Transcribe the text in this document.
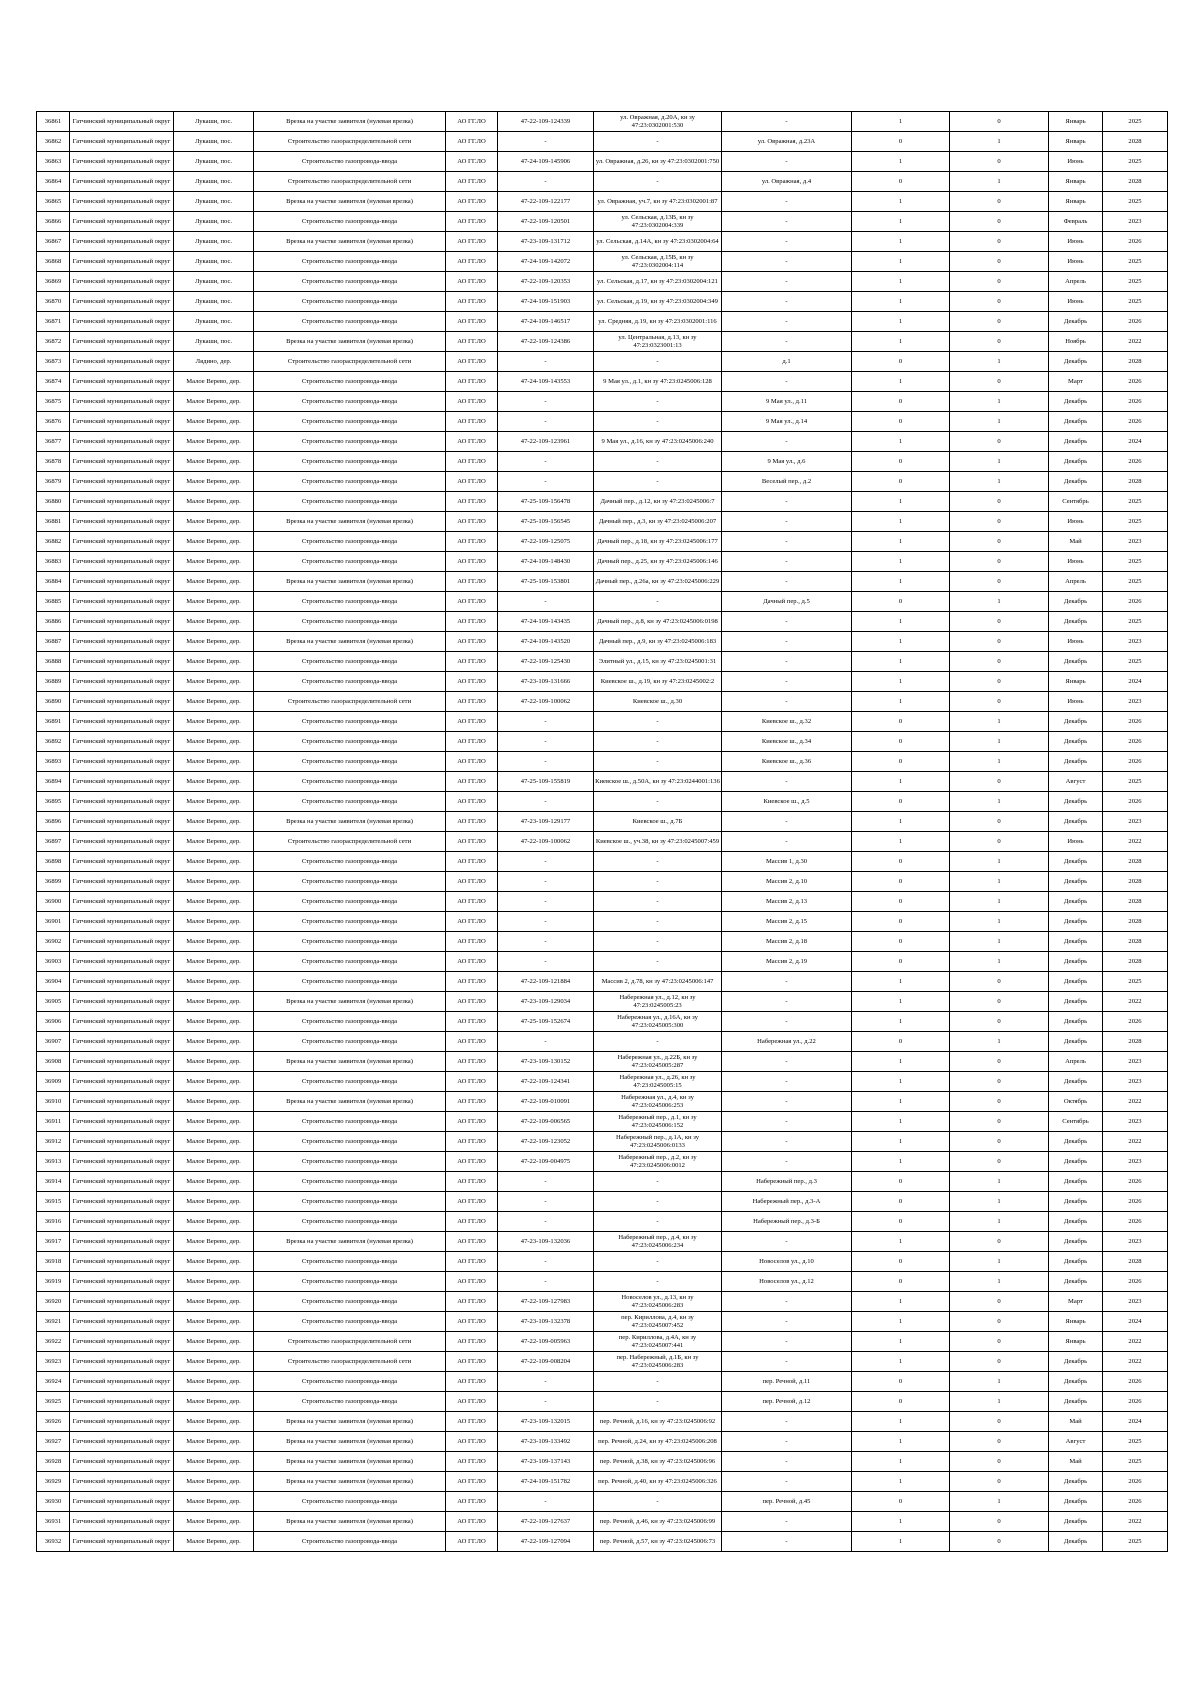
36861	Гатчинский муниципальный округ	Лукаши, пос.	Врезка на участке заявителя (нулевая врезка)	АО ГГ.ЛО	47-22-109-124339	ул. Овражная, д.20А, кн зу 47:23:0302001:530	-	1	0	Январь	2025
36862	Гатчинский муниципальный округ	Лукаши, пос.	Строительство газораспределительной сети	АО ГГ.ЛО	-	-	ул. Овражная, д.23А	0	1	Январь	2028
36863	Гатчинский муниципальный округ	Лукаши, пос.	Строительство газопровода-ввода	АО ГГ.ЛО	47-24-109-145906	ул. Овражная, д.26, кн зу 47:23:0302001:750	-	1	0	Июнь	2025
36864	Гатчинский муниципальный округ	Лукаши, пос.	Строительство газораспределительной сети	АО ГГ.ЛО	-	-	ул. Овражная, д.4	0	1	Январь	2028
36865	Гатчинский муниципальный округ	Лукаши, пос.	Врезка на участке заявителя (нулевая врезка)	АО ГГ.ЛО	47-22-109-122177	ул. Овражная, уч.7, кн зу 47:23:0302001:87	-	1	0	Январь	2025
36866	Гатчинский муниципальный округ	Лукаши, пос.	Строительство газопровода-ввода	АО ГГ.ЛО	47-22-109-120501	ул. Сельская, д.13В, кн зу 47:23:0302004:339	-	1	0	Февраль	2023
36867	Гатчинский муниципальный округ	Лукаши, пос.	Врезка на участке заявителя (нулевая врезка)	АО ГГ.ЛО	47-23-109-131712	ул. Сельская, д.14А, кн зу 47:23:0302004:64	-	1	0	Июнь	2026
36868	Гатчинский муниципальный округ	Лукаши, пос.	Строительство газопровода-ввода	АО ГГ.ЛО	47-24-109-142072	ул. Сельская, д.15В, кн зу 47:23:0302004:114	-	1	0	Июнь	2025
36869	Гатчинский муниципальный округ	Лукаши, пос.	Строительство газопровода-ввода	АО ГГ.ЛО	47-22-109-120353	ул. Сельская, д.17, кн зу 47:23:0302004:121	-	1	0	Апрель	2025
36870	Гатчинский муниципальный округ	Лукаши, пос.	Строительство газопровода-ввода	АО ГГ.ЛО	47-24-109-151903	ул. Сельская, д.19, кн зу 47:23:0302004:349	-	1	0	Июнь	2025
36871	Гатчинский муниципальный округ	Лукаши, пос.	Строительство газопровода-ввода	АО ГГ.ЛО	47-24-109-146517	ул. Средняя, д.19, кн зу 47:23:0302001:116	-	1	0	Декабрь	2026
36872	Гатчинский муниципальный округ	Лукаши, пос.	Врезка на участке заявителя (нулевая врезка)	АО ГГ.ЛО	47-22-109-124386	ул. Центральная, д.13, кн зу 47:23:0323001:13	-	1	0	Ноябрь	2022
36873	Гатчинский муниципальный округ	Лядино, дер.	Строительство газораспределительной сети	АО ГГ.ЛО	-	-	д.1	0	1	Декабрь	2028
36874	Гатчинский муниципальный округ	Малое Верево, дер.	Строительство газопровода-ввода	АО ГГ.ЛО	47-24-109-143553	9 Мая ул., д.1, кн зу 47:23:0245006:128	-	1	0	Март	2026
36875	Гатчинский муниципальный округ	Малое Верево, дер.	Строительство газопровода-ввода	АО ГГ.ЛО	-	-	9 Мая ул., д.11	0	1	Декабрь	2026
36876	Гатчинский муниципальный округ	Малое Верево, дер.	Строительство газопровода-ввода	АО ГГ.ЛО	-	-	9 Мая ул., д.14	0	1	Декабрь	2026
36877	Гатчинский муниципальный округ	Малое Верево, дер.	Строительство газопровода-ввода	АО ГГ.ЛО	47-22-109-123961	9 Мая ул., д.16, кн зу 47:23:0245006:240	-	1	0	Декабрь	2024
36878	Гатчинский муниципальный округ	Малое Верево, дер.	Строительство газопровода-ввода	АО ГГ.ЛО	-	-	9 Мая ул., д.6	0	1	Декабрь	2026
36879	Гатчинский муниципальный округ	Малое Верево, дер.	Строительство газопровода-ввода	АО ГГ.ЛО	-	-	Веселый пер., д.2	0	1	Декабрь	2028
36880	Гатчинский муниципальный округ	Малое Верево, дер.	Строительство газопровода-ввода	АО ГГ.ЛО	47-25-109-156478	Дачный пер., д.12, кн зу 47:23:0245006:7	-	1	0	Сентябрь	2025
36881	Гатчинский муниципальный округ	Малое Верево, дер.	Врезка на участке заявителя (нулевая врезка)	АО ГГ.ЛО	47-25-109-156545	Дачный пер., д.3, кн зу 47:23:0245006:207	-	1	0	Июнь	2025
36882	Гатчинский муниципальный округ	Малое Верево, дер.	Строительство газопровода-ввода	АО ГГ.ЛО	47-22-109-125075	Дачный пер., д.18, кн зу 47:23:0245006:177	-	1	0	Май	2023
36883	Гатчинский муниципальный округ	Малое Верево, дер.	Строительство газопровода-ввода	АО ГГ.ЛО	47-24-109-148430	Дачный пер., д.25, кн зу 47:23:0245006:146	-	1	0	Июнь	2025
36884	Гатчинский муниципальный округ	Малое Верево, дер.	Врезка на участке заявителя (нулевая врезка)	АО ГГ.ЛО	47-25-109-153801	Дачный пер., д.26а, кн зу 47:23:0245006:229	-	1	0	Апрель	2025
36885	Гатчинский муниципальный округ	Малое Верево, дер.	Строительство газопровода-ввода	АО ГГ.ЛО	-	-	Дачный пер., д.5	0	1	Декабрь	2026
36886	Гатчинский муниципальный округ	Малое Верево, дер.	Строительство газопровода-ввода	АО ГГ.ЛО	47-24-109-143435	Дачный пер., д.8, кн зу 47:23:0245006:0198	-	1	0	Декабрь	2025
36887	Гатчинский муниципальный округ	Малое Верево, дер.	Врезка на участке заявителя (нулевая врезка)	АО ГГ.ЛО	47-24-109-143520	Дачный пер., д.9, кн зу 47:23:0245006:183	-	1	0	Июнь	2023
36888	Гатчинский муниципальный округ	Малое Верево, дер.	Строительство газопровода-ввода	АО ГГ.ЛО	47-22-109-125430	Элитный ул., д.15, кн зу 47:23:0245001:31	-	1	0	Декабрь	2025
36889	Гатчинский муниципальный округ	Малое Верево, дер.	Строительство газопровода-ввода	АО ГГ.ЛО	47-23-109-131666	Киевское ш., д.19, кн зу 47:23:0245002:2	-	1	0	Январь	2024
36890	Гатчинский муниципальный округ	Малое Верево, дер.	Строительство газораспределительной сети	АО ГГ.ЛО	47-22-109-100062	Киевское ш., д.30	-	1	0	Июнь	2023
36891	Гатчинский муниципальный округ	Малое Верево, дер.	Строительство газопровода-ввода	АО ГГ.ЛО	-	-	Киевское ш., д.32	0	1	Декабрь	2026
36892	Гатчинский муниципальный округ	Малое Верево, дер.	Строительство газопровода-ввода	АО ГГ.ЛО	-	-	Киевское ш., д.34	0	1	Декабрь	2026
36893	Гатчинский муниципальный округ	Малое Верево, дер.	Строительство газопровода-ввода	АО ГГ.ЛО	-	-	Киевское ш., д.36	0	1	Декабрь	2026
36894	Гатчинский муниципальный округ	Малое Верево, дер.	Строительство газопровода-ввода	АО ГГ.ЛО	47-25-109-155819	Киевское ш., д.50А, кн зу 47:23:0244001:136	-	1	0	Август	2025
36895	Гатчинский муниципальный округ	Малое Верево, дер.	Строительство газопровода-ввода	АО ГГ.ЛО	-	-	Киевское ш., д.5	0	1	Декабрь	2026
36896	Гатчинский муниципальный округ	Малое Верево, дер.	Врезка на участке заявителя (нулевая врезка)	АО ГГ.ЛО	47-23-109-129177	Киевское ш., д.7Б	-	1	0	Декабрь	2023
36897	Гатчинский муниципальный округ	Малое Верево, дер.	Строительство газораспределительной сети	АО ГГ.ЛО	47-22-109-100062	Киевское ш., уч.38, кн зу 47:23:0245007:459	-	1	0	Июнь	2022
36898	Гатчинский муниципальный округ	Малое Верево, дер.	Строительство газопровода-ввода	АО ГГ.ЛО	-	-	Массив 1, д.30	0	1	Декабрь	2028
36899	Гатчинский муниципальный округ	Малое Верево, дер.	Строительство газопровода-ввода	АО ГГ.ЛО	-	-	Массив 2, д.10	0	1	Декабрь	2028
36900	Гатчинский муниципальный округ	Малое Верево, дер.	Строительство газопровода-ввода	АО ГГ.ЛО	-	-	Массив 2, д.13	0	1	Декабрь	2028
36901	Гатчинский муниципальный округ	Малое Верево, дер.	Строительство газопровода-ввода	АО ГГ.ЛО	-	-	Массив 2, д.15	0	1	Декабрь	2028
36902	Гатчинский муниципальный округ	Малое Верево, дер.	Строительство газопровода-ввода	АО ГГ.ЛО	-	-	Массив 2, д.18	0	1	Декабрь	2028
36903	Гатчинский муниципальный округ	Малое Верево, дер.	Строительство газопровода-ввода	АО ГГ.ЛО	-	-	Массив 2, д.19	0	1	Декабрь	2028
36904	Гатчинский муниципальный округ	Малое Верево, дер.	Строительство газопровода-ввода	АО ГГ.ЛО	47-22-109-121884	Массив 2, д.78, кн зу 47:23:0245006:147	-	1	0	Декабрь	2025
36905	Гатчинский муниципальный округ	Малое Верево, дер.	Врезка на участке заявителя (нулевая врезка)	АО ГГ.ЛО	47-23-109-129034	Набережная ул., д.12, кн зу 47:23:0245005:23	-	1	0	Декабрь	2022
36906	Гатчинский муниципальный округ	Малое Верево, дер.	Строительство газопровода-ввода	АО ГГ.ЛО	47-25-109-152674	Набережная ул., д.16А, кн зу 47:23:0245005:300	-	1	0	Декабрь	2026
36907	Гатчинский муниципальный округ	Малое Верево, дер.	Строительство газопровода-ввода	АО ГГ.ЛО	-	-	Набережная ул., д.22	0	1	Декабрь	2028
36908	Гатчинский муниципальный округ	Малое Верево, дер.	Врезка на участке заявителя (нулевая врезка)	АО ГГ.ЛО	47-23-109-130152	Набережная ул., д.22Б, кн зу 47:23:0245005:287	-	1	0	Апрель	2023
36909	Гатчинский муниципальный округ	Малое Верево, дер.	Строительство газопровода-ввода	АО ГГ.ЛО	47-22-109-124341	Набережная ул., д.26, кн зу 47:23:0245005:15	-	1	0	Декабрь	2023
36910	Гатчинский муниципальный округ	Малое Верево, дер.	Врезка на участке заявителя (нулевая врезка)	АО ГГ.ЛО	47-22-109-010091	Набережная ул., д.4, кн зу 47:23:0245006:253	-	1	0	Октябрь	2022
36911	Гатчинский муниципальный округ	Малое Верево, дер.	Строительство газопровода-ввода	АО ГГ.ЛО	47-22-109-006565	Набережный пер., д.1, кн зу 47:23:0245006:152	-	1	0	Сентябрь	2023
36912	Гатчинский муниципальный округ	Малое Верево, дер.	Строительство газопровода-ввода	АО ГГ.ЛО	47-22-109-123052	Набережный пер., д.1А, кн зу 47:23:0245006:0133	-	1	0	Декабрь	2022
36913	Гатчинский муниципальный округ	Малое Верево, дер.	Строительство газопровода-ввода	АО ГГ.ЛО	47-22-109-004975	Набережный пер., д.2, кн зу 47:23:0245006:0012	-	1	0	Декабрь	2023
36914	Гатчинский муниципальный округ	Малое Верево, дер.	Строительство газопровода-ввода	АО ГГ.ЛО	-	-	Набережный пер., д.3	0	1	Декабрь	2026
36915	Гатчинский муниципальный округ	Малое Верево, дер.	Строительство газопровода-ввода	АО ГГ.ЛО	-	-	Набережный пер., д.3-А	0	1	Декабрь	2026
36916	Гатчинский муниципальный округ	Малое Верево, дер.	Строительство газопровода-ввода	АО ГГ.ЛО	-	-	Набережный пер., д.3-Б	0	1	Декабрь	2026
36917	Гатчинский муниципальный округ	Малое Верево, дер.	Врезка на участке заявителя (нулевая врезка)	АО ГГ.ЛО	47-23-109-132036	Набережный пер., д.4, кн зу 47:23:0245006:234	-	1	0	Декабрь	2023
36918	Гатчинский муниципальный округ	Малое Верево, дер.	Строительство газопровода-ввода	АО ГГ.ЛО	-	-	Новоселов ул., д.10	0	1	Декабрь	2028
36919	Гатчинский муниципальный округ	Малое Верево, дер.	Строительство газопровода-ввода	АО ГГ.ЛО	-	-	Новоселов ул., д.12	0	1	Декабрь	2026
36920	Гатчинский муниципальный округ	Малое Верево, дер.	Строительство газопровода-ввода	АО ГГ.ЛО	47-22-109-127983	Новоселов ул., д.13, кн зу 47:23:0245006:283	-	1	0	Март	2023
36921	Гатчинский муниципальный округ	Малое Верево, дер.	Строительство газопровода-ввода	АО ГГ.ЛО	47-23-109-132378	пер. Кириллова, д.4, кн зу 47:23:0245007:452	-	1	0	Январь	2024
36922	Гатчинский муниципальный округ	Малое Верево, дер.	Строительство газораспределительной сети	АО ГГ.ЛО	47-22-109-005963	пер. Кириллова, д.4А, кн зу 47:23:0245007:441	-	1	0	Январь	2022
36923	Гатчинский муниципальный округ	Малое Верево, дер.	Строительство газораспределительной сети	АО ГГ.ЛО	47-22-109-008204	пер. Набережный, д.1Б, кн зу 47:23:0245006:283	-	1	0	Декабрь	2022
36924	Гатчинский муниципальный округ	Малое Верево, дер.	Строительство газопровода-ввода	АО ГГ.ЛО	-	-	пер. Речной, д.11	0	1	Декабрь	2026
36925	Гатчинский муниципальный округ	Малое Верево, дер.	Строительство газопровода-ввода	АО ГГ.ЛО	-	-	пер. Речной, д.12	0	1	Декабрь	2026
36926	Гатчинский муниципальный округ	Малое Верево, дер.	Врезка на участке заявителя (нулевая врезка)	АО ГГ.ЛО	47-23-109-132015	пер. Речной, д.16, кн зу 47:23:0245006:92	-	1	0	Май	2024
36927	Гатчинский муниципальный округ	Малое Верево, дер.	Врезка на участке заявителя (нулевая врезка)	АО ГГ.ЛО	47-23-109-133492	пер. Речной, д.24, кн зу 47:23:0245006:208	-	1	0	Август	2025
36928	Гатчинский муниципальный округ	Малое Верево, дер.	Врезка на участке заявителя (нулевая врезка)	АО ГГ.ЛО	47-23-109-137143	пер. Речной, д.38, кн зу 47:23:0245006:96	-	1	0	Май	2025
36929	Гатчинский муниципальный округ	Малое Верево, дер.	Врезка на участке заявителя (нулевая врезка)	АО ГГ.ЛО	47-24-109-151782	пер. Речной, д.40, кн зу 47:23:0245006:326	-	1	0	Декабрь	2026
36930	Гатчинский муниципальный округ	Малое Верево, дер.	Строительство газопровода-ввода	АО ГГ.ЛО	-	-	пер. Речной, д.45	0	1	Декабрь	2026
36931	Гатчинский муниципальный округ	Малое Верево, дер.	Врезка на участке заявителя (нулевая врезка)	АО ГГ.ЛО	47-22-109-127637	пер. Речной, д.46, кн зу 47:23:0245006:99	-	1	0	Декабрь	2022
36932	Гатчинский муниципальный округ	Малое Верево, дер.	Строительство газопровода-ввода	АО ГГ.ЛО	47-22-109-127094	пер. Речной, д.57, кн зу 47:23:0245006:73	-	1	0	Декабрь	2025
